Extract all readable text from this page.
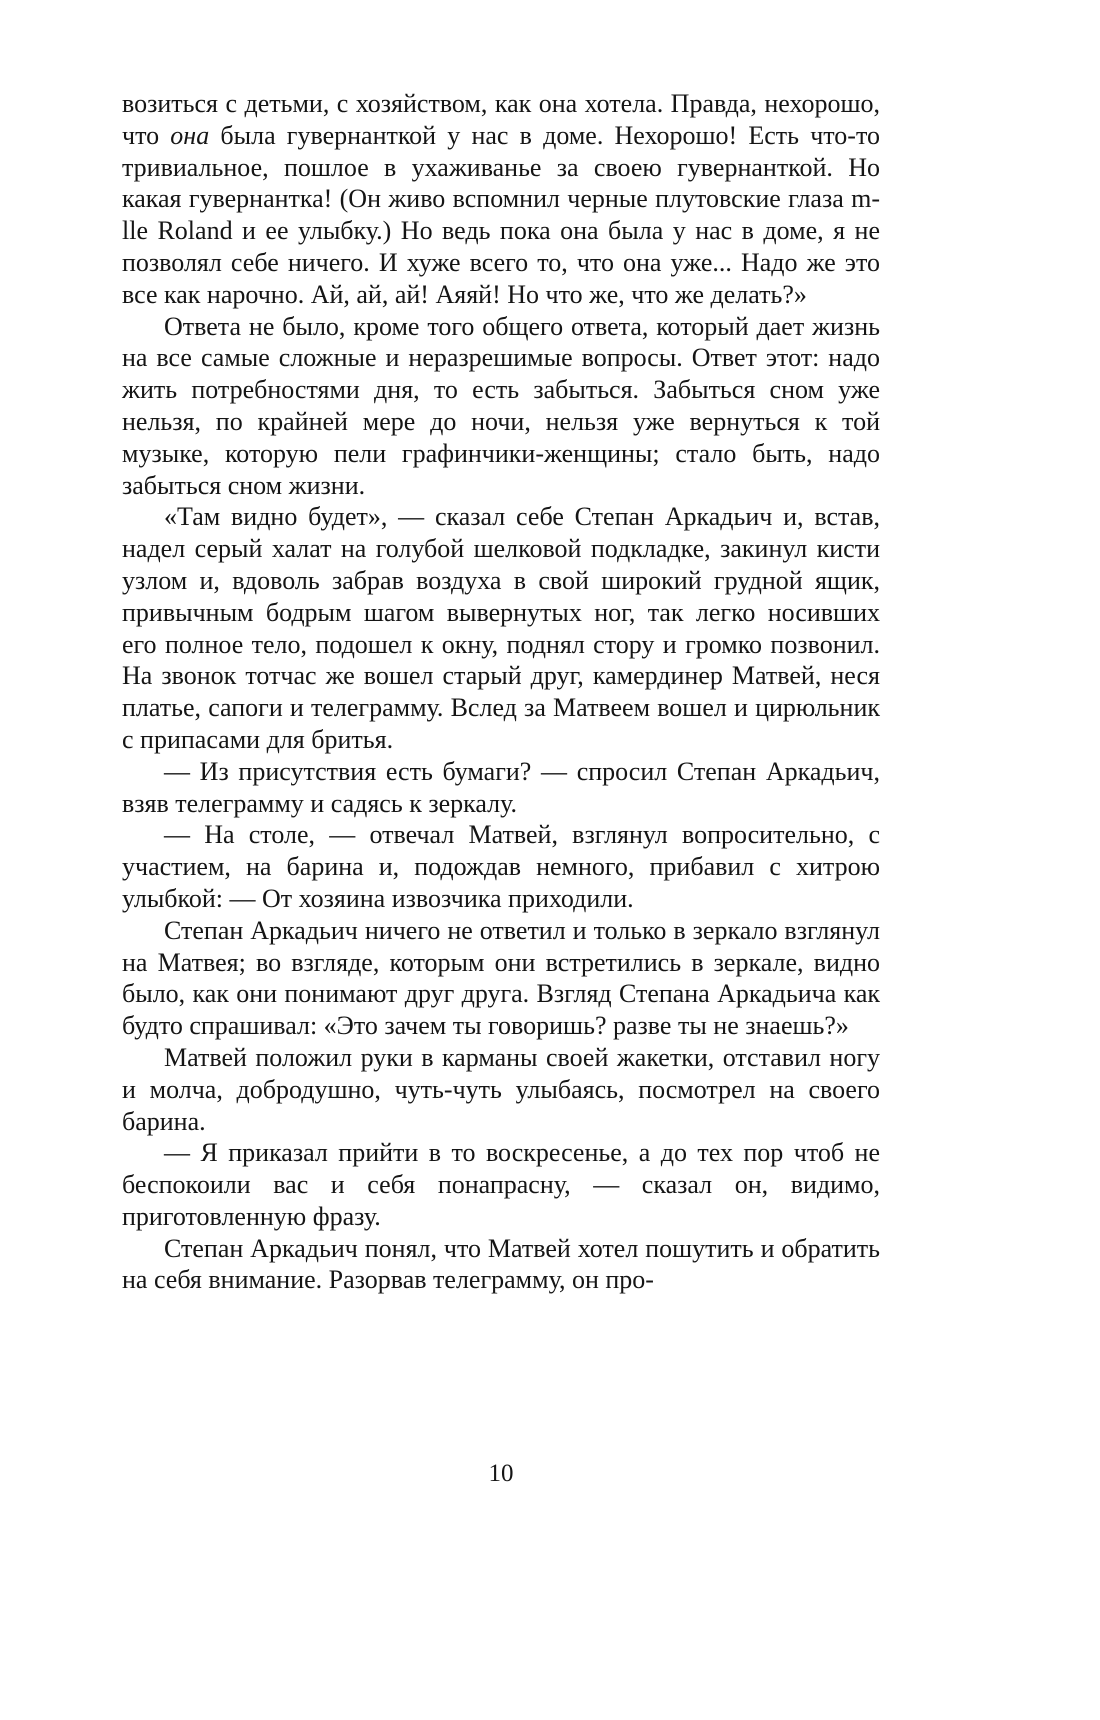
возиться с детьми, с хозяйством, как она хотела. Правда, нехорошо, что она была гувернанткой у нас в доме. Нехорошо! Есть что-то тривиальное, пошлое в ухаживанье за своею гувернанткой. Но какая гувернантка! (Он живо вспомнил черные плутовские глаза m-lle Roland и ее улыбку.) Но ведь пока она была у нас в доме, я не позволял себе ничего. И хуже всего то, что она уже... Надо же это все как нарочно. Ай, ай, ай! Аяяй! Но что же, что же делать?»

Ответа не было, кроме того общего ответа, который дает жизнь на все самые сложные и неразрешимые вопросы. Ответ этот: надо жить потребностями дня, то есть забыться. Забыться сном уже нельзя, по крайней мере до ночи, нельзя уже вернуться к той музыке, которую пели графинчики-женщины; стало быть, надо забыться сном жизни.

«Там видно будет», — сказал себе Степан Аркадьич и, встав, надел серый халат на голубой шелковой подкладке, закинул кисти узлом и, вдоволь забрав воздуха в свой широкий грудной ящик, привычным бодрым шагом вывернутых ног, так легко носивших его полное тело, подошел к окну, поднял стору и громко позвонил. На звонок тотчас же вошел старый друг, камердинер Матвей, неся платье, сапоги и телеграмму. Вслед за Матвеем вошел и цирюльник с припасами для бритья.

— Из присутствия есть бумаги? — спросил Степан Аркадьич, взяв телеграмму и садясь к зеркалу.

— На столе, — отвечал Матвей, взглянул вопросительно, с участием, на барина и, подождав немного, прибавил с хитрою улыбкой: — От хозяина извозчика приходили.

Степан Аркадьич ничего не ответил и только в зеркало взглянул на Матвея; во взгляде, которым они встретились в зеркале, видно было, как они понимают друг друга. Взгляд Степана Аркадьича как будто спрашивал: «Это зачем ты говоришь? разве ты не знаешь?»

Матвей положил руки в карманы своей жакетки, отставил ногу и молча, добродушно, чуть-чуть улыбаясь, посмотрел на своего барина.

— Я приказал прийти в то воскресенье, а до тех пор чтоб не беспокоили вас и себя понапрасну, — сказал он, видимо, приготовленную фразу.

Степан Аркадьич понял, что Матвей хотел пошутить и обратить на себя внимание. Разорвав телеграмму, он про-

10
